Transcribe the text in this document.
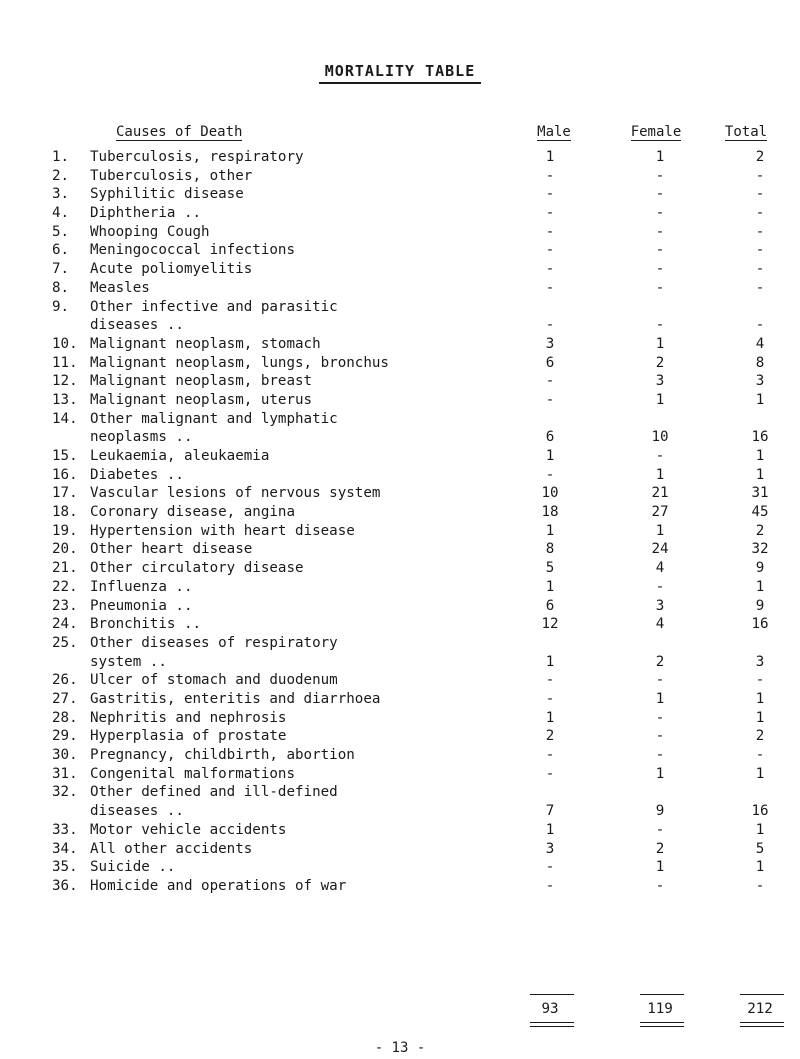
MORTALITY TABLE
Causes of Death	Male	Female	Total
1.	Tuberculosis, respiratory	1	1	2
2.	Tuberculosis, other	-	-	-
3.	Syphilitic disease	-	-	-
4.	Diphtheria ..	-	-	-
5.	Whooping Cough	-	-	-
6.	Meningococcal infections	-	-	-
7.	Acute poliomyelitis	-	-	-
8.	Measles	-	-	-
9.	Other infective and parasitic
diseases ..	-	-	-
10. Malignant neoplasm, stomach	3	1	4
11. Malignant neoplasm, lungs, bronchus	6	2	8
12. Malignant neoplasm, breast	-	3	3
13. Malignant neoplasm, uterus	-	1	1
14. Other malignant and lymphatic
neoplasms ..	6	10	16
15. Leukaemia, aleukaemia	1	-	1
16. Diabetes ..	-	1	1
17. Vascular lesions of nervous system	10	21	31
18. Coronary disease, angina	18	27	45
19. Hypertension with heart disease	1	1	2
20. Other heart disease	8	24	32
21. Other circulatory disease	5	4	9
22. Influenza ..	1	-	1
23. Pneumonia ..	6	3	9
24. Bronchitis ..	12	4	16
25. Other diseases of respiratory
system ..	1	2	3
26. Ulcer of stomach and duodenum	-	-	-
27. Gastritis, enteritis and diarrhoea	-	1	1
28. Nephritis and nephrosis	1	-	1
29. Hyperplasia of prostate	2	-	2
30. Pregnancy, childbirth, abortion	-	-	-
31. Congenital malformations	-	1	1
32. Other defined and ill-defined
diseases ..	7	9	16
33. Motor vehicle accidents	1	-	1
34. All other accidents	3	2	5
35. Suicide ..	-	1	1
36. Homicide and operations of war	-	-	-
93	119	212
- 13 -
